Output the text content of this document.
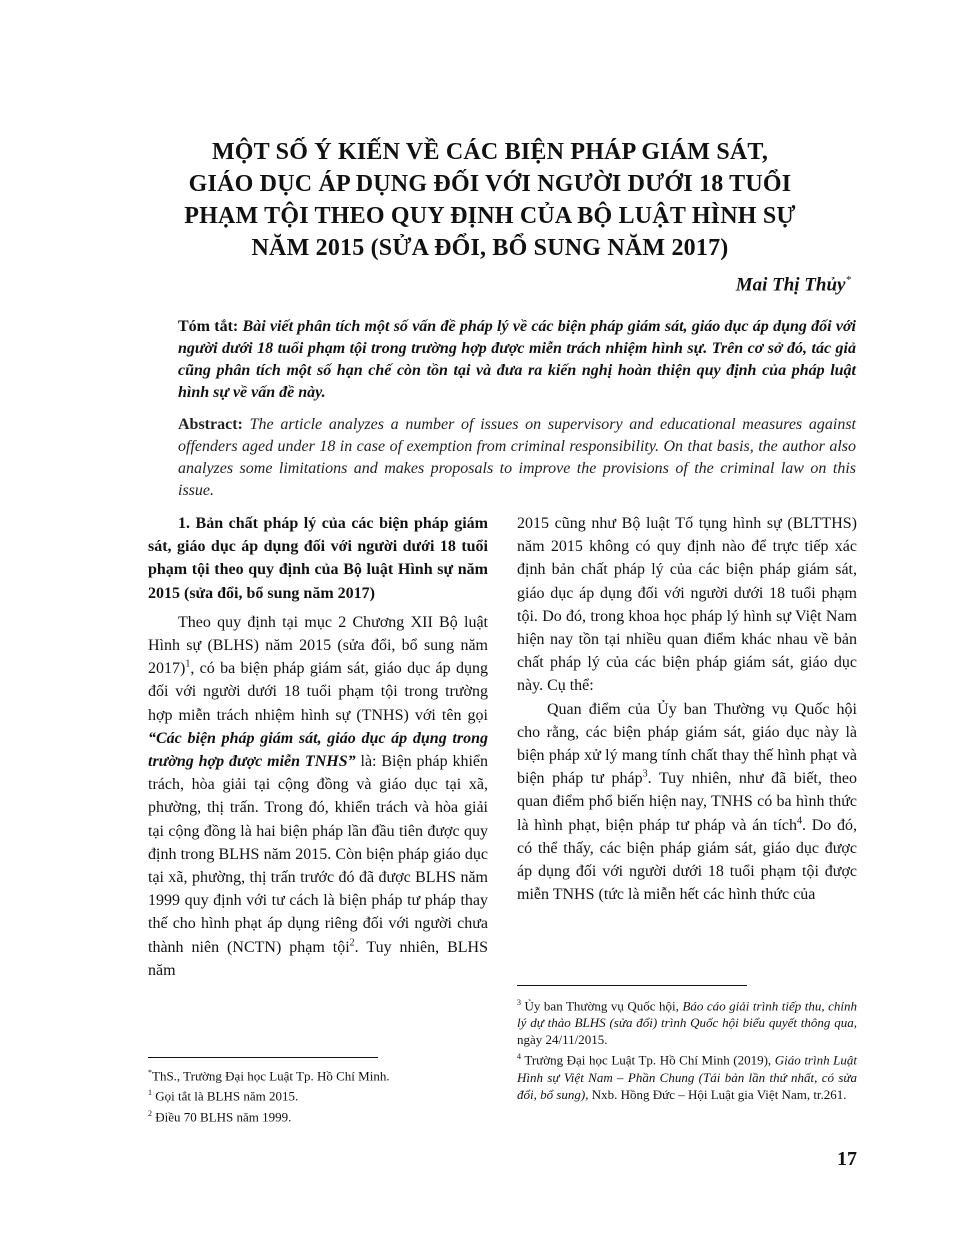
MỘT SỐ Ý KIẾN VỀ CÁC BIỆN PHÁP GIÁM SÁT,
GIÁO DỤC ÁP DỤNG ĐỐI VỚI NGƯỜI DƯỚI 18 TUỔI
PHẠM TỘI THEO QUY ĐỊNH CỦA BỘ LUẬT HÌNH SỰ
NĂM 2015 (SỬA ĐỔI, BỔ SUNG NĂM 2017)
Mai Thị Thủy*
Tóm tắt: Bài viết phân tích một số vấn đề pháp lý về các biện pháp giám sát, giáo dục áp dụng đối với người dưới 18 tuổi phạm tội trong trường hợp được miễn trách nhiệm hình sự. Trên cơ sở đó, tác giả cũng phân tích một số hạn chế còn tồn tại và đưa ra kiến nghị hoàn thiện quy định của pháp luật hình sự về vấn đề này.
Abstract: The article analyzes a number of issues on supervisory and educational measures against offenders aged under 18 in case of exemption from criminal responsibility. On that basis, the author also analyzes some limitations and makes proposals to improve the provisions of the criminal law on this issue.

1. Bản chất pháp lý của các biện pháp giám sát, giáo dục áp dụng đối với người dưới 18 tuổi phạm tội theo quy định của Bộ luật Hình sự năm 2015 (sửa đổi, bổ sung năm 2017)

Theo quy định tại mục 2 Chương XII Bộ luật Hình sự (BLHS) năm 2015 (sửa đổi, bổ sung năm 2017)$^1$, có ba biện pháp giám sát, giáo dục áp dụng đối với người dưới 18 tuổi phạm tội trong trường hợp miễn trách nhiệm hình sự (TNHS) với tên gọi “Các biện pháp giám sát, giáo dục áp dụng trong trường hợp được miễn TNHS” là: Biện pháp khiển trách, hòa giải tại cộng đồng và giáo dục tại xã, phường, thị trấn. Trong đó, khiển trách và hòa giải tại cộng đồng là hai biện pháp lần đầu tiên được quy định trong BLHS năm 2015. Còn biện pháp giáo dục tại xã, phường, thị trấn trước đó đã được BLHS năm 1999 quy định với tư cách là biện pháp tư pháp thay thế cho hình phạt áp dụng riêng đối với người chưa thành niên (NCTN) phạm tội$^2$. Tuy nhiên, BLHS năm

2015 cũng như Bộ luật Tố tụng hình sự (BLTTHS) năm 2015 không có quy định nào để trực tiếp xác định bản chất pháp lý của các biện pháp giám sát, giáo dục áp dụng đối với người dưới 18 tuổi phạm tội. Do đó, trong khoa học pháp lý hình sự Việt Nam hiện nay tồn tại nhiều quan điểm khác nhau về bản chất pháp lý của các biện pháp giám sát, giáo dục này. Cụ thể:

Quan điểm của Ủy ban Thường vụ Quốc hội cho rằng, các biện pháp giám sát, giáo dục này là biện pháp xử lý mang tính chất thay thế hình phạt và biện pháp tư pháp$^3$. Tuy nhiên, như đã biết, theo quan điểm phổ biến hiện nay, TNHS có ba hình thức là hình phạt, biện pháp tư pháp và án tích$^4$. Do đó, có thể thấy, các biện pháp giám sát, giáo dục được áp dụng đối với người dưới 18 tuổi phạm tội được miễn TNHS (tức là miễn hết các hình thức của

*ThS., Trường Đại học Luật Tp. Hồ Chí Minh.

$^1$ Gọi tắt là BLHS năm 2015.

$^2$ Điều 70 BLHS năm 1999.

$^3$ Ủy ban Thường vụ Quốc hội, Báo cáo giải trình tiếp thu, chỉnh lý dự thảo BLHS (sửa đổi) trình Quốc hội biểu quyết thông qua, ngày 24/11/2015.

$^4$ Trường Đại học Luật Tp. Hồ Chí Minh (2019), Giáo trình Luật Hình sự Việt Nam – Phần Chung (Tái bản lần thứ nhất, có sửa đổi, bổ sung), Nxb. Hồng Đức – Hội Luật gia Việt Nam, tr.261.

17
